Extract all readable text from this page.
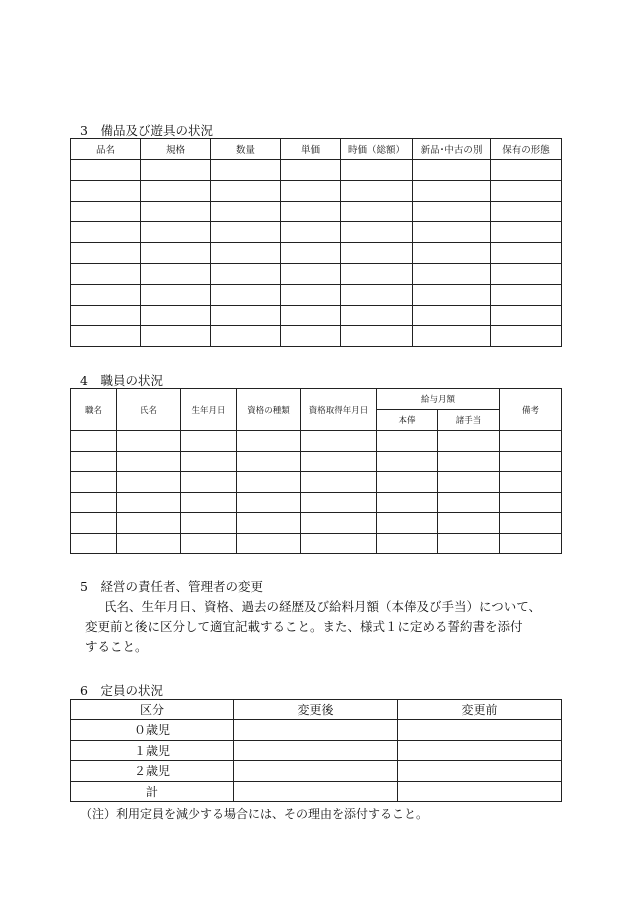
3　備品及び遊具の状況
品名	規格	数量	単価	時価（総額）	新品･中古の別	保有の形態

4　職員の状況
職名	氏名	生年月日	資格の種類	資格取得年月日	給与月額		備考
					本俸	諸手当	

5　経営の責任者、管理者の変更
氏名、生年月日、資格、過去の経歴及び給料月額（本俸及び手当）について、
変更前と後に区分して適宜記載すること。また、様式１に定める誓約書を添付
すること。
6　定員の状況
区分	変更後	変更前
０歳児		
１歳児		
２歳児		
計		
（注）利用定員を減少する場合には、その理由を添付すること。
